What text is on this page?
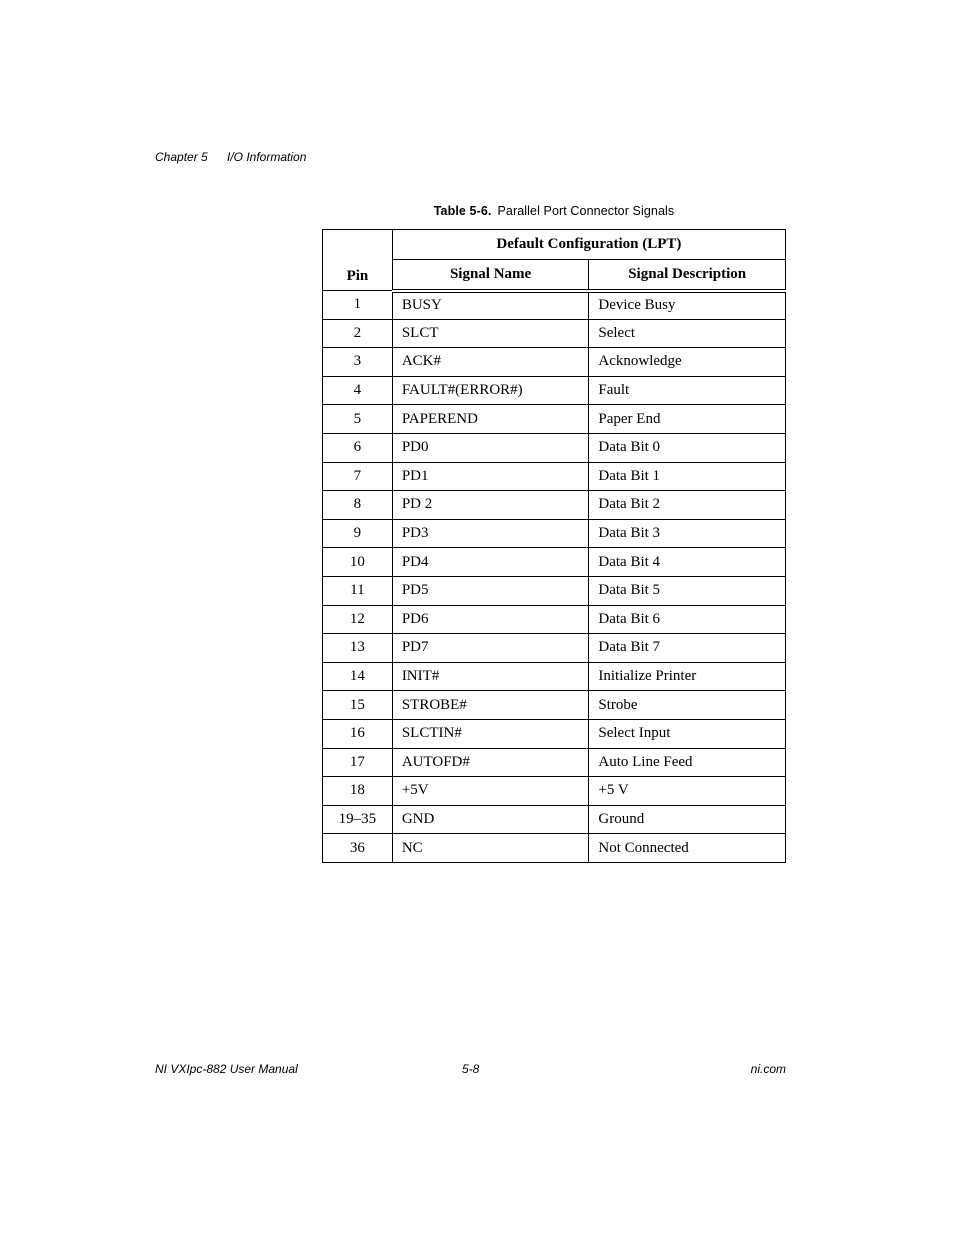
Chapter 5 I/O Information
Table 5-6. Parallel Port Connector Signals
Pin	Default Configuration (LPT)	
	Signal Name	Signal Description
1	BUSY	Device Busy
2	SLCT	Select
3	ACK#	Acknowledge
4	FAULT#(ERROR#)	Fault
5	PAPEREND	Paper End
6	PD0	Data Bit 0
7	PD1	Data Bit 1
8	PD 2	Data Bit 2
9	PD3	Data Bit 3
10	PD4	Data Bit 4
11	PD5	Data Bit 5
12	PD6	Data Bit 6
13	PD7	Data Bit 7
14	INIT#	Initialize Printer
15	STROBE#	Strobe
16	SLCTIN#	Select Input
17	AUTOFD#	Auto Line Feed
18	+5V	+5 V
19–35	GND	Ground
36	NC	Not Connected
NI VXIpc-882 User Manual	5-8	ni.com
